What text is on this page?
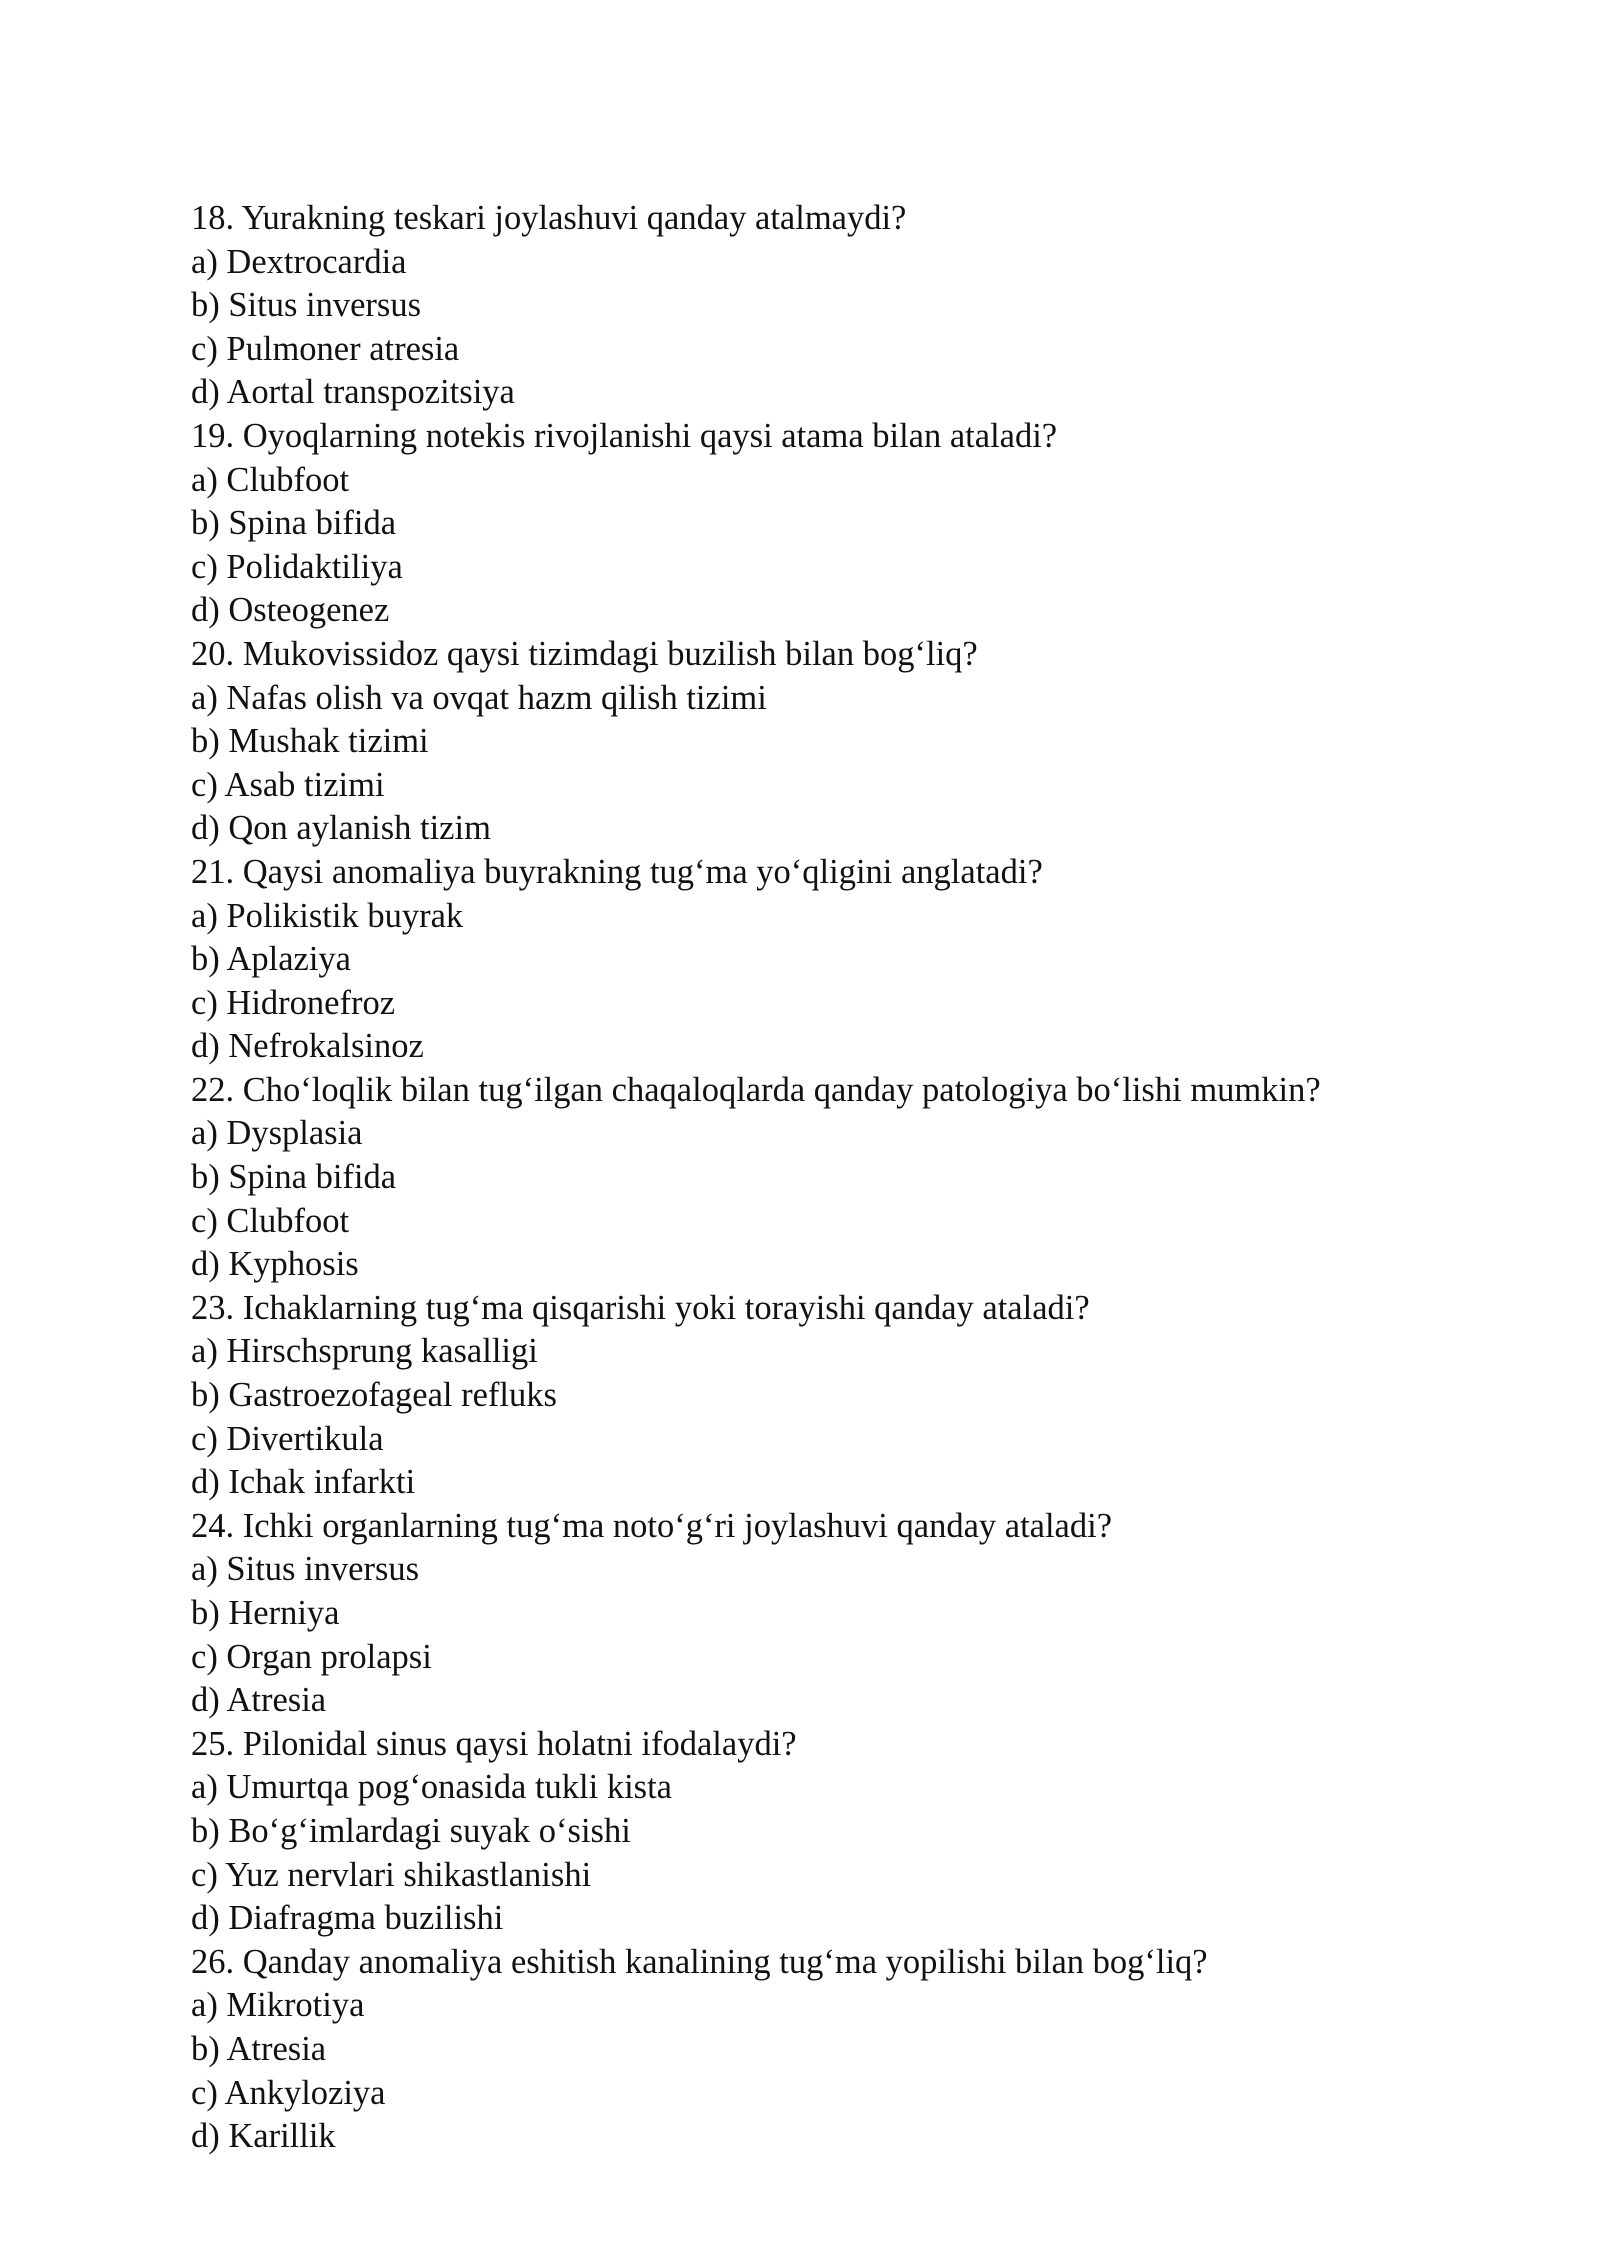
18. Yurakning teskari joylashuvi qanday atalmaydi?

a) Dextrocardia

b) Situs inversus

c) Pulmoner atresia

d) Aortal transpozitsiya

19. Oyoqlarning notekis rivojlanishi qaysi atama bilan ataladi?

a) Clubfoot

b) Spina bifida

c) Polidaktiliya

d) Osteogenez

20. Mukovissidoz qaysi tizimdagi buzilish bilan bog‘liq?

a) Nafas olish va ovqat hazm qilish tizimi

b) Mushak tizimi

c) Asab tizimi

d) Qon aylanish tizim

21. Qaysi anomaliya buyrakning tug‘ma yo‘qligini anglatadi?

a) Polikistik buyrak

b) Aplaziya

c) Hidronefroz

d) Nefrokalsinoz

22. Cho‘loqlik bilan tug‘ilgan chaqaloqlarda qanday patologiya bo‘lishi mumkin?

a) Dysplasia

b) Spina bifida

c) Clubfoot

d) Kyphosis

23. Ichaklarning tug‘ma qisqarishi yoki torayishi qanday ataladi?

a) Hirschsprung kasalligi

b) Gastroezofageal refluks

c) Divertikula

d) Ichak infarkti

24. Ichki organlarning tug‘ma noto‘g‘ri joylashuvi qanday ataladi?

a) Situs inversus

b) Herniya

c) Organ prolapsi

d) Atresia

25. Pilonidal sinus qaysi holatni ifodalaydi?

a) Umurtqa pog‘onasida tukli kista

b) Bo‘g‘imlardagi suyak o‘sishi

c) Yuz nervlari shikastlanishi

d) Diafragma buzilishi

26. Qanday anomaliya eshitish kanalining tug‘ma yopilishi bilan bog‘liq?

a) Mikrotiya

b) Atresia

c) Ankyloziya

d) Karillik
